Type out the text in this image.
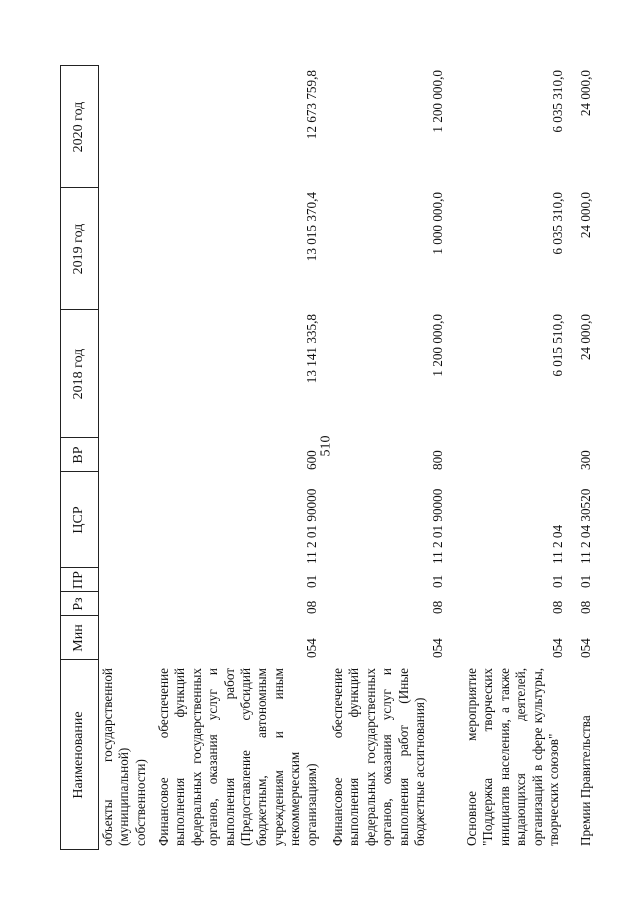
510
Наименование
Мин
Рз
ПР
ЦСР
ВР
2018 год
2019 год
2020 год
объекты государственной (муниципальной) собственности) Финансовое обеспечение выполнения функций федеральных государственных органов, оказания услуг и выполнения работ (Предоставление субсидий бюджетным, автономным учреждениям и иным некоммерческим организациям)
054
08
01
11 2 01 90000
600
13 141 335,8
13 015 370,4
12 673 759,8
Финансовое обеспечение выполнения функций федеральных государственных органов, оказания услуг и выполнения работ (Иные бюджетные ассигнования)
054
08
01
11 2 01 90000
800
1 200 000,0
1 000 000,0
1 200 000,0
Основное мероприятие "Поддержка творческих инициатив населения, а также выдающихся деятелей, организаций в сфере культуры, творческих союзов"
054
08
01
11 2 04
6 015 510,0
6 035 310,0
6 035 310,0
Премии Правительства
054
08
01
11 2 04 30520
300
24 000,0
24 000,0
24 000,0
